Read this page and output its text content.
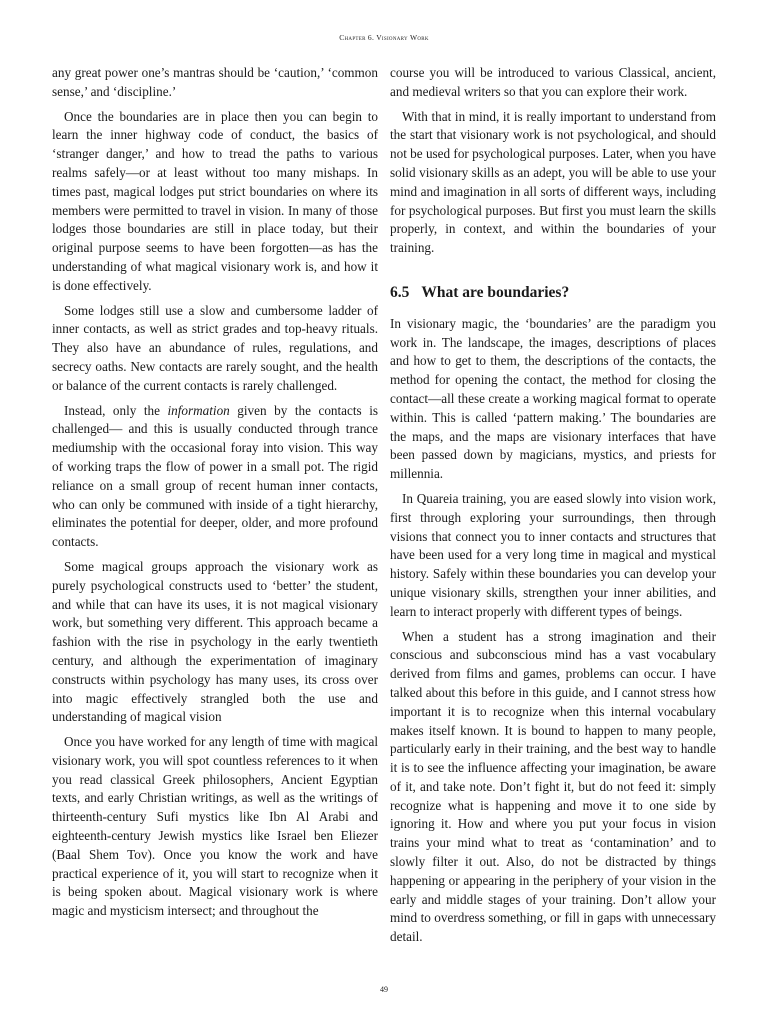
Chapter 6. Visionary Work

any great power one’s mantras should be ‘caution,’ ‘common sense,’ and ‘discipline.’

Once the boundaries are in place then you can begin to learn the inner highway code of conduct, the basics of ‘stranger danger,’ and how to tread the paths to various realms safely—or at least without too many mishaps. In times past, magical lodges put strict boundaries on where its members were permitted to travel in vision. In many of those lodges those boundaries are still in place today, but their original purpose seems to have been forgotten—as has the understanding of what magical visionary work is, and how it is done effectively.

Some lodges still use a slow and cumbersome ladder of inner contacts, as well as strict grades and top-heavy rituals. They also have an abundance of rules, regulations, and secrecy oaths. New contacts are rarely sought, and the health or balance of the current contacts is rarely challenged.

Instead, only the information given by the contacts is challenged— and this is usually conducted through trance mediumship with the occasional foray into vision. This way of working traps the flow of power in a small pot. The rigid reliance on a small group of recent human inner contacts, who can only be communed with inside of a tight hierarchy, eliminates the potential for deeper, older, and more profound contacts.

Some magical groups approach the visionary work as purely psychological constructs used to ‘better’ the student, and while that can have its uses, it is not magical visionary work, but something very different. This approach became a fashion with the rise in psychology in the early twentieth century, and although the experimentation of imaginary constructs within psychology has many uses, its cross over into magic effectively strangled both the use and understanding of magical vision

Once you have worked for any length of time with magical visionary work, you will spot countless references to it when you read classical Greek philosophers, Ancient Egyptian texts, and early Christian writings, as well as the writings of thirteenth-century Sufi mystics like Ibn Al Arabi and eighteenth-century Jewish mystics like Israel ben Eliezer (Baal Shem Tov). Once you know the work and have practical experience of it, you will start to recognize when it is being spoken about. Magical visionary work is where magic and mysticism intersect; and throughout the

course you will be introduced to various Classical, ancient, and medieval writers so that you can explore their work.

With that in mind, it is really important to understand from the start that visionary work is not psychological, and should not be used for psychological purposes. Later, when you have solid visionary skills as an adept, you will be able to use your mind and imagination in all sorts of different ways, including for psychological purposes. But first you must learn the skills properly, in context, and within the boundaries of your training.

6.5 What are boundaries?

In visionary magic, the ‘boundaries’ are the paradigm you work in. The landscape, the images, descriptions of places and how to get to them, the descriptions of the contacts, the method for opening the contact, the method for closing the contact—all these create a working magical format to operate within. This is called ‘pattern making.’ The boundaries are the maps, and the maps are visionary interfaces that have been passed down by magicians, mystics, and priests for millennia.

In Quareia training, you are eased slowly into vision work, first through exploring your surroundings, then through visions that connect you to inner contacts and structures that have been used for a very long time in magical and mystical history. Safely within these boundaries you can develop your unique visionary skills, strengthen your inner abilities, and learn to interact properly with different types of beings.

When a student has a strong imagination and their conscious and subconscious mind has a vast vocabulary derived from films and games, problems can occur. I have talked about this before in this guide, and I cannot stress how important it is to recognize when this internal vocabulary makes itself known. It is bound to happen to many people, particularly early in their training, and the best way to handle it is to see the influence affecting your imagination, be aware of it, and take note. Don’t fight it, but do not feed it: simply recognize what is happening and move it to one side by ignoring it. How and where you put your focus in vision trains your mind what to treat as ‘contamination’ and to slowly filter it out. Also, do not be distracted by things happening or appearing in the periphery of your vision in the early and middle stages of your training. Don’t allow your mind to overdress something, or fill in gaps with unnecessary detail.

49
